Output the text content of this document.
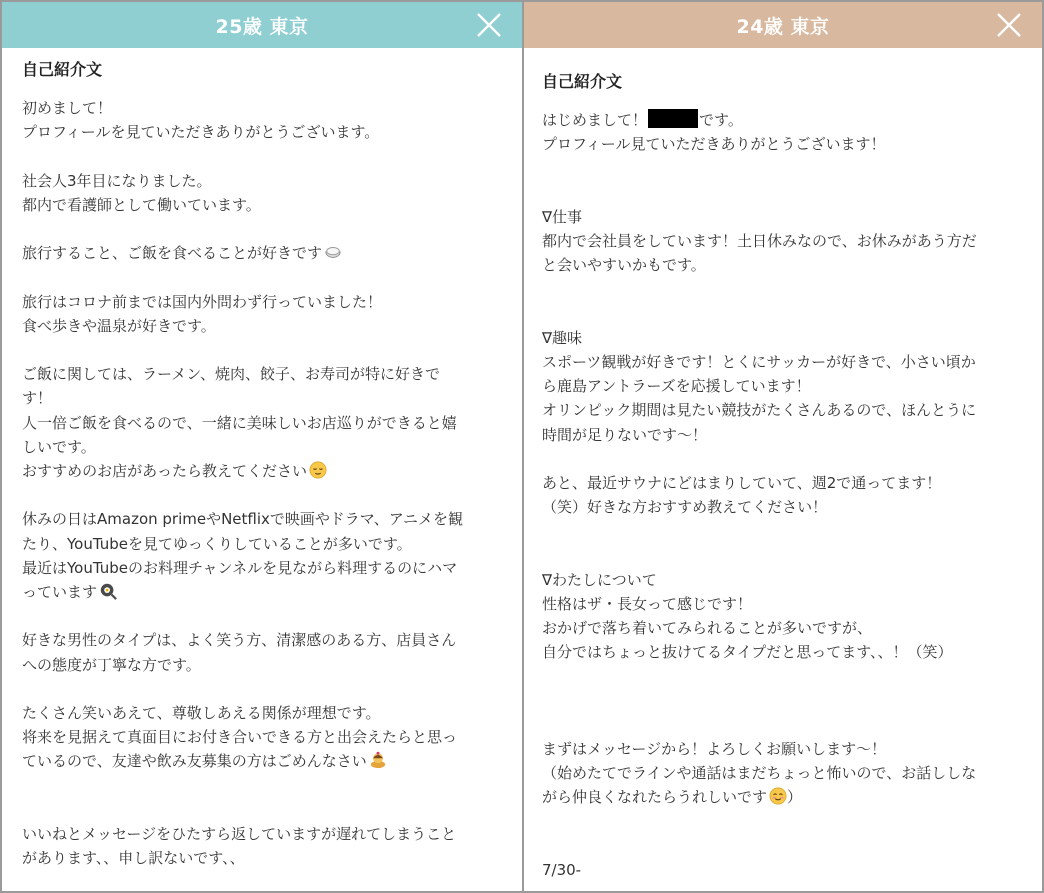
25歳 東京
自己紹介文
初めまして！
プロフィールを見ていただきありがとうございます。
社会人3年目になりました。
都内で看護師として働いています。
旅行すること、ご飯を食べることが好きです
旅行はコロナ前までは国内外問わず行っていました！
食べ歩きや温泉が好きです。
ご飯に関しては、ラーメン、焼肉、餃子、お寿司が特に好きで
す！
人一倍ご飯を食べるので、一緒に美味しいお店巡りができると嬉
しいです。
おすすめのお店があったら教えてください
休みの日はAmazon primeやNetflixで映画やドラマ、アニメを観
たり、YouTubeを見てゆっくりしていることが多いです。
最近はYouTubeのお料理チャンネルを見ながら料理するのにハマ
っています
好きな男性のタイプは、よく笑う方、清潔感のある方、店員さん
への態度が丁寧な方です。
たくさん笑いあえて、尊敬しあえる関係が理想です。
将来を見据えて真面目にお付き合いできる方と出会えたらと思っ
ているので、友達や飲み友募集の方はごめんなさい
いいねとメッセージをひたすら返していますが遅れてしまうこと
があります、、申し訳ないです、、
24歳 東京
自己紹介文
はじめまして！	です。
プロフィール見ていただきありがとうございます！
∇仕事
都内で会社員をしています！土日休みなので、お休みがあう方だ
と会いやすいかもです。
∇趣味
スポーツ観戦が好きです！とくにサッカーが好きで、小さい頃か
ら鹿島アントラーズを応援しています！
オリンピック期間は見たい競技がたくさんあるので、ほんとうに
時間が足りないです〜！
あと、最近サウナにどはまりしていて、週2で通ってます！
（笑）好きな方おすすめ教えてください！
∇わたしについて
性格はザ・長女って感じです！
おかげで落ち着いてみられることが多いですが、
自分ではちょっと抜けてるタイプだと思ってます、、！（笑）
まずはメッセージから！よろしくお願いします〜！
（始めたてでラインや通話はまだちょっと怖いので、お話ししな
がら仲良くなれたらうれしいです ）
7/30-
